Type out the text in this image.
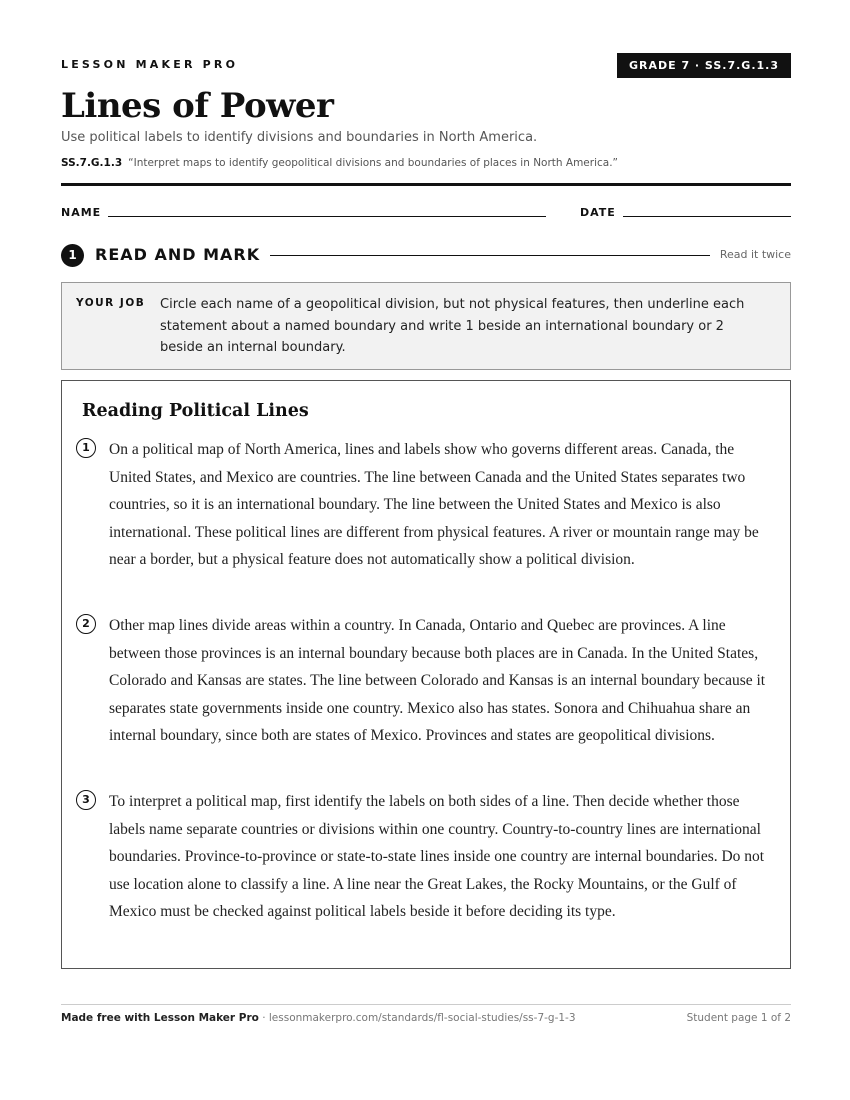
LESSON MAKER PRO	GRADE 7 · SS.7.G.1.3
Lines of Power
Use political labels to identify divisions and boundaries in North America.
SS.7.G.1.3 “Interpret maps to identify geopolitical divisions and boundaries of places in North America.”
NAME	DATE
1	READ AND MARK	Read it twice
YOUR JOB Circle each name of a geopolitical division, but not physical features, then underline each statement about a named boundary and write 1 beside an international boundary or 2 beside an internal boundary.
Reading Political Lines
1	On a political map of North America, lines and labels show who governs different areas. Canada, the United States, and Mexico are countries. The line between Canada and the United States separates two countries, so it is an international boundary. The line between the United States and Mexico is also international. These political lines are different from physical features. A river or mountain range may be near a border, but a physical feature does not automatically show a political division.
2	Other map lines divide areas within a country. In Canada, Ontario and Quebec are provinces. A line between those provinces is an internal boundary because both places are in Canada. In the United States, Colorado and Kansas are states. The line between Colorado and Kansas is an internal boundary because it separates state governments inside one country. Mexico also has states. Sonora and Chihuahua share an internal boundary, since both are states of Mexico. Provinces and states are geopolitical divisions.
3	To interpret a political map, first identify the labels on both sides of a line. Then decide whether those labels name separate countries or divisions within one country. Country-to-country lines are international boundaries. Province-to-province or state-to-state lines inside one country are internal boundaries. Do not use location alone to classify a line. A line near the Great Lakes, the Rocky Mountains, or the Gulf of Mexico must be checked against political labels beside it before deciding its type.
Made free with Lesson Maker Pro · lessonmakerpro.com/standards/fl-social-studies/ss-7-g-1-3	Student page 1 of 2
